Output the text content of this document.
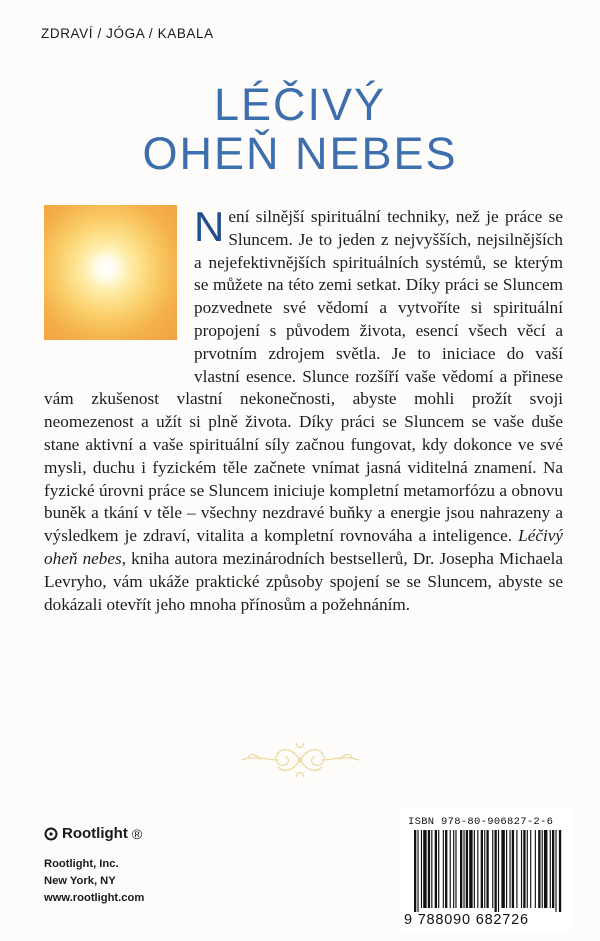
ZDRAVÍ / JÓGA / KABALA
LÉČIVÝ
OHEŇ NEBES
Není silnější spirituální techniky, než je práce se Sluncem. Je to jeden z nejvyšších, nejsilnějších a nejefektivnějších spirituálních systémů, se kterým se můžete na této zemi setkat. Díky práci se Sluncem pozvednete své vědomí a vytvoříte si spirituální propojení s původem života, esencí všech věcí a prvotním zdrojem světla. Je to iniciace do vaší vlastní esence. Slunce rozšíří vaše vědomí a přinese vám zkušenost vlastní nekonečnosti, abyste mohli prožít svoji neomezenost a užít si plně života. Díky práci se Sluncem se vaše duše stane aktivní a vaše spirituální síly začnou fungovat, kdy dokonce ve své mysli, duchu i fyzickém těle začnete vnímat jasná viditelná znamení. Na fyzické úrovni práce se Sluncem iniciuje kompletní metamorfózu a obnovu buněk a tkání v těle – všechny nezdravé buňky a energie jsou nahrazeny a výsledkem je zdraví, vitalita a kompletní rovnováha a inteligence. Léčivý oheň nebes, kniha autora mezinárodních bestsellerů, Dr. Josepha Michaela Levryho, vám ukáže praktické způsoby spojení se se Sluncem, abyste se dokázali otevřít jeho mnoha přínosům a požehnáním.
Rootlight ®
Rootlight, Inc.
New York, NY
www.rootlight.com
ISBN 978-80-906827-2-6
9 788090 682726
